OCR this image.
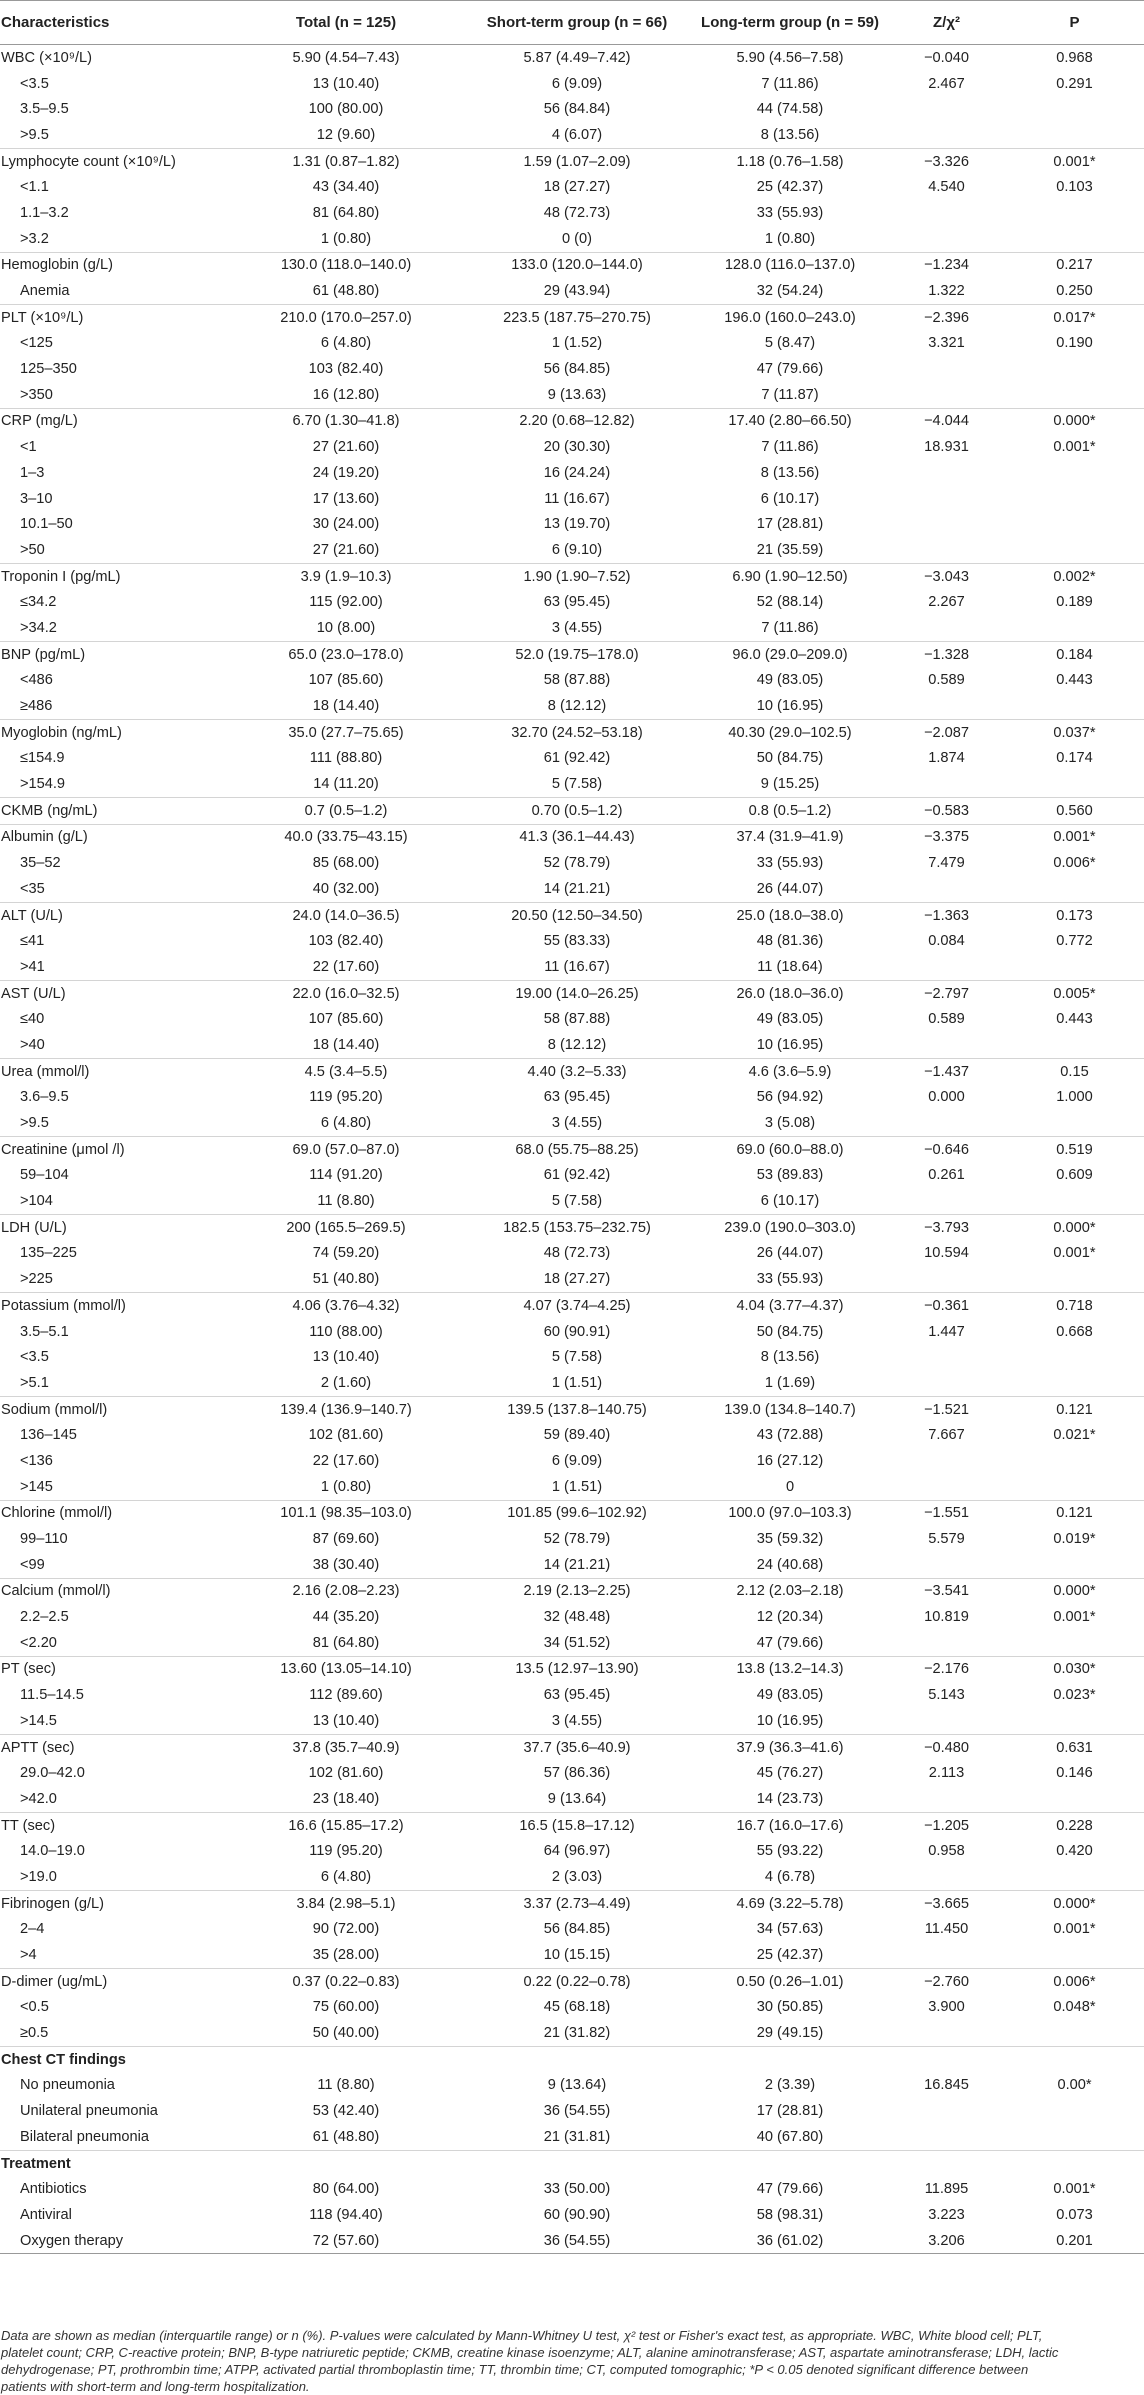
Characteristics	Total (n = 125)	Short-term group (n = 66)	Long-term group (n = 59)	Z/χ²	P
WBC (×10⁹/L)	5.90 (4.54–7.43)	5.87 (4.49–7.42)	5.90 (4.56–7.58)	−0.040	0.968
<3.5	13 (10.40)	6 (9.09)	7 (11.86)	2.467	0.291
3.5–9.5	100 (80.00)	56 (84.84)	44 (74.58)		
>9.5	12 (9.60)	4 (6.07)	8 (13.56)		
Lymphocyte count (×10⁹/L)	1.31 (0.87–1.82)	1.59 (1.07–2.09)	1.18 (0.76–1.58)	−3.326	0.001*
<1.1	43 (34.40)	18 (27.27)	25 (42.37)	4.540	0.103
1.1–3.2	81 (64.80)	48 (72.73)	33 (55.93)		
>3.2	1 (0.80)	0 (0)	1 (0.80)		
Hemoglobin (g/L)	130.0 (118.0–140.0)	133.0 (120.0–144.0)	128.0 (116.0–137.0)	−1.234	0.217
Anemia	61 (48.80)	29 (43.94)	32 (54.24)	1.322	0.250
PLT (×10⁹/L)	210.0 (170.0–257.0)	223.5 (187.75–270.75)	196.0 (160.0–243.0)	−2.396	0.017*
<125	6 (4.80)	1 (1.52)	5 (8.47)	3.321	0.190
125–350	103 (82.40)	56 (84.85)	47 (79.66)		
>350	16 (12.80)	9 (13.63)	7 (11.87)		
CRP (mg/L)	6.70 (1.30–41.8)	2.20 (0.68–12.82)	17.40 (2.80–66.50)	−4.044	0.000*
<1	27 (21.60)	20 (30.30)	7 (11.86)	18.931	0.001*
1–3	24 (19.20)	16 (24.24)	8 (13.56)		
3–10	17 (13.60)	11 (16.67)	6 (10.17)		
10.1–50	30 (24.00)	13 (19.70)	17 (28.81)		
>50	27 (21.60)	6 (9.10)	21 (35.59)		
Troponin I (pg/mL)	3.9 (1.9–10.3)	1.90 (1.90–7.52)	6.90 (1.90–12.50)	−3.043	0.002*
≤34.2	115 (92.00)	63 (95.45)	52 (88.14)	2.267	0.189
>34.2	10 (8.00)	3 (4.55)	7 (11.86)		
BNP (pg/mL)	65.0 (23.0–178.0)	52.0 (19.75–178.0)	96.0 (29.0–209.0)	−1.328	0.184
<486	107 (85.60)	58 (87.88)	49 (83.05)	0.589	0.443
≥486	18 (14.40)	8 (12.12)	10 (16.95)		
Myoglobin (ng/mL)	35.0 (27.7–75.65)	32.70 (24.52–53.18)	40.30 (29.0–102.5)	−2.087	0.037*
≤154.9	111 (88.80)	61 (92.42)	50 (84.75)	1.874	0.174
>154.9	14 (11.20)	5 (7.58)	9 (15.25)		
CKMB (ng/mL)	0.7 (0.5–1.2)	0.70 (0.5–1.2)	0.8 (0.5–1.2)	−0.583	0.560
Albumin (g/L)	40.0 (33.75–43.15)	41.3 (36.1–44.43)	37.4 (31.9–41.9)	−3.375	0.001*
35–52	85 (68.00)	52 (78.79)	33 (55.93)	7.479	0.006*
<35	40 (32.00)	14 (21.21)	26 (44.07)		
ALT (U/L)	24.0 (14.0–36.5)	20.50 (12.50–34.50)	25.0 (18.0–38.0)	−1.363	0.173
≤41	103 (82.40)	55 (83.33)	48 (81.36)	0.084	0.772
>41	22 (17.60)	11 (16.67)	11 (18.64)		
AST (U/L)	22.0 (16.0–32.5)	19.00 (14.0–26.25)	26.0 (18.0–36.0)	−2.797	0.005*
≤40	107 (85.60)	58 (87.88)	49 (83.05)	0.589	0.443
>40	18 (14.40)	8 (12.12)	10 (16.95)		
Urea (mmol/l)	4.5 (3.4–5.5)	4.40 (3.2–5.33)	4.6 (3.6–5.9)	−1.437	0.15
3.6–9.5	119 (95.20)	63 (95.45)	56 (94.92)	0.000	1.000
>9.5	6 (4.80)	3 (4.55)	3 (5.08)		
Creatinine (μmol /l)	69.0 (57.0–87.0)	68.0 (55.75–88.25)	69.0 (60.0–88.0)	−0.646	0.519
59–104	114 (91.20)	61 (92.42)	53 (89.83)	0.261	0.609
>104	11 (8.80)	5 (7.58)	6 (10.17)		
LDH (U/L)	200 (165.5–269.5)	182.5 (153.75–232.75)	239.0 (190.0–303.0)	−3.793	0.000*
135–225	74 (59.20)	48 (72.73)	26 (44.07)	10.594	0.001*
>225	51 (40.80)	18 (27.27)	33 (55.93)		
Potassium (mmol/l)	4.06 (3.76–4.32)	4.07 (3.74–4.25)	4.04 (3.77–4.37)	−0.361	0.718
3.5–5.1	110 (88.00)	60 (90.91)	50 (84.75)	1.447	0.668
<3.5	13 (10.40)	5 (7.58)	8 (13.56)		
>5.1	2 (1.60)	1 (1.51)	1 (1.69)		
Sodium (mmol/l)	139.4 (136.9–140.7)	139.5 (137.8–140.75)	139.0 (134.8–140.7)	−1.521	0.121
136–145	102 (81.60)	59 (89.40)	43 (72.88)	7.667	0.021*
<136	22 (17.60)	6 (9.09)	16 (27.12)		
>145	1 (0.80)	1 (1.51)	0		
Chlorine (mmol/l)	101.1 (98.35–103.0)	101.85 (99.6–102.92)	100.0 (97.0–103.3)	−1.551	0.121
99–110	87 (69.60)	52 (78.79)	35 (59.32)	5.579	0.019*
<99	38 (30.40)	14 (21.21)	24 (40.68)		
Calcium (mmol/l)	2.16 (2.08–2.23)	2.19 (2.13–2.25)	2.12 (2.03–2.18)	−3.541	0.000*
2.2–2.5	44 (35.20)	32 (48.48)	12 (20.34)	10.819	0.001*
<2.20	81 (64.80)	34 (51.52)	47 (79.66)		
PT (sec)	13.60 (13.05–14.10)	13.5 (12.97–13.90)	13.8 (13.2–14.3)	−2.176	0.030*
11.5–14.5	112 (89.60)	63 (95.45)	49 (83.05)	5.143	0.023*
>14.5	13 (10.40)	3 (4.55)	10 (16.95)		
APTT (sec)	37.8 (35.7–40.9)	37.7 (35.6–40.9)	37.9 (36.3–41.6)	−0.480	0.631
29.0–42.0	102 (81.60)	57 (86.36)	45 (76.27)	2.113	0.146
>42.0	23 (18.40)	9 (13.64)	14 (23.73)		
TT (sec)	16.6 (15.85–17.2)	16.5 (15.8–17.12)	16.7 (16.0–17.6)	−1.205	0.228
14.0–19.0	119 (95.20)	64 (96.97)	55 (93.22)	0.958	0.420
>19.0	6 (4.80)	2 (3.03)	4 (6.78)		
Fibrinogen (g/L)	3.84 (2.98–5.1)	3.37 (2.73–4.49)	4.69 (3.22–5.78)	−3.665	0.000*
2–4	90 (72.00)	56 (84.85)	34 (57.63)	11.450	0.001*
>4	35 (28.00)	10 (15.15)	25 (42.37)		
D-dimer (ug/mL)	0.37 (0.22–0.83)	0.22 (0.22–0.78)	0.50 (0.26–1.01)	−2.760	0.006*
<0.5	75 (60.00)	45 (68.18)	30 (50.85)	3.900	0.048*
≥0.5	50 (40.00)	21 (31.82)	29 (49.15)		
Chest CT findings					
No pneumonia	11 (8.80)	9 (13.64)	2 (3.39)	16.845	0.00*
Unilateral pneumonia	53 (42.40)	36 (54.55)	17 (28.81)		
Bilateral pneumonia	61 (48.80)	21 (31.81)	40 (67.80)		
Treatment					
Antibiotics	80 (64.00)	33 (50.00)	47 (79.66)	11.895	0.001*
Antiviral	118 (94.40)	60 (90.90)	58 (98.31)	3.223	0.073
Oxygen therapy	72 (57.60)	36 (54.55)	36 (61.02)	3.206	0.201

Data are shown as median (interquartile range) or n (%). P-values were calculated by Mann-Whitney U test, χ² test or Fisher's exact test, as appropriate. WBC, White blood cell; PLT,

platelet count; CRP, C-reactive protein; BNP, B-type natriuretic peptide; CKMB, creatine kinase isoenzyme; ALT, alanine aminotransferase; AST, aspartate aminotransferase; LDH, lactic

dehydrogenase; PT, prothrombin time; ATPP, activated partial thromboplastin time; TT, thrombin time; CT, computed tomographic; *P < 0.05 denoted significant difference between

patients with short-term and long-term hospitalization.
